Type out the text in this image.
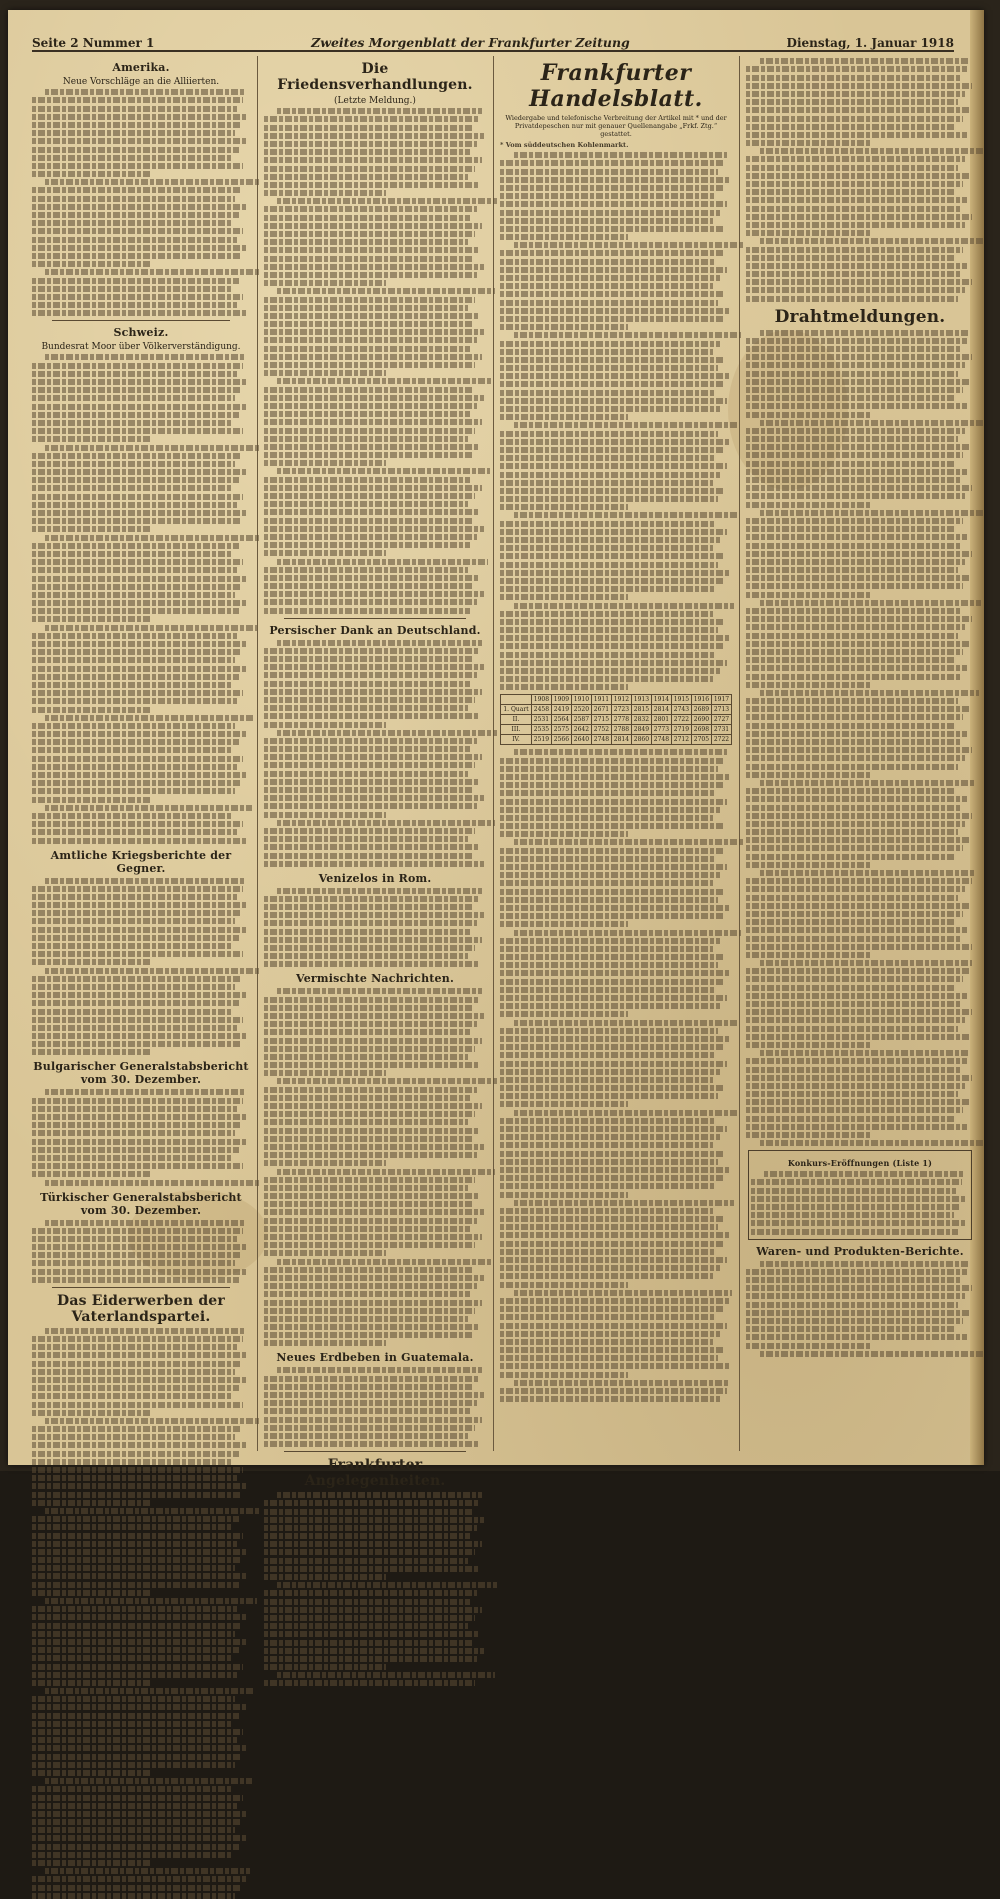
Seite 2 Nummer 1	Zweites Morgenblatt der Frankfurter Zeitung	Dienstag, 1. Januar 1918
Amerika.
Neue Vorschläge an die Alliierten.
Schweiz.
Bundesrat Moor über Völkerverständigung.
Amtliche Kriegsberichte der Gegner.
Bulgarischer Generalstabsbericht vom 30. Dezember.
Türkischer Generalstabsbericht vom 30. Dezember.
Das Eiderwerben der Vaterlandspartei.
Die Friedensverhandlungen.
(Letzte Meldung.)
Persischer Dank an Deutschland.
Venizelos in Rom.
Vermischte Nachrichten.
Neues Erdbeben in Guatemala.
Frankfurter Angelegenheiten.
Frankfurter Handelsblatt.
Wiedergabe und telefonische Verbreitung der Artikel mit * und der Privatdepeschen nur mit genauer Quellenangabe „Frkf. Ztg.“ gestattet.
* Vom süddeutschen Kohlenmarkt.
	1908	1909	1910	1911	1912	1913	1914	1915	1916	1917
1. Quart	2458	2419	2520	2671	2723	2815	2814	2743	2689	2713
II.	2531	2564	2587	2715	2778	2832	2801	2722	2690	2727
III.	2535	2575	2642	2752	2788	2849	2773	2719	2698	2731
IV.	2519	2566	2640	2748	2814	2860	2748	2712	2705	2722
Drahtmeldungen.
Konkurs-Eröffnungen (Liste 1)
Waren- und Produkten-Berichte.
